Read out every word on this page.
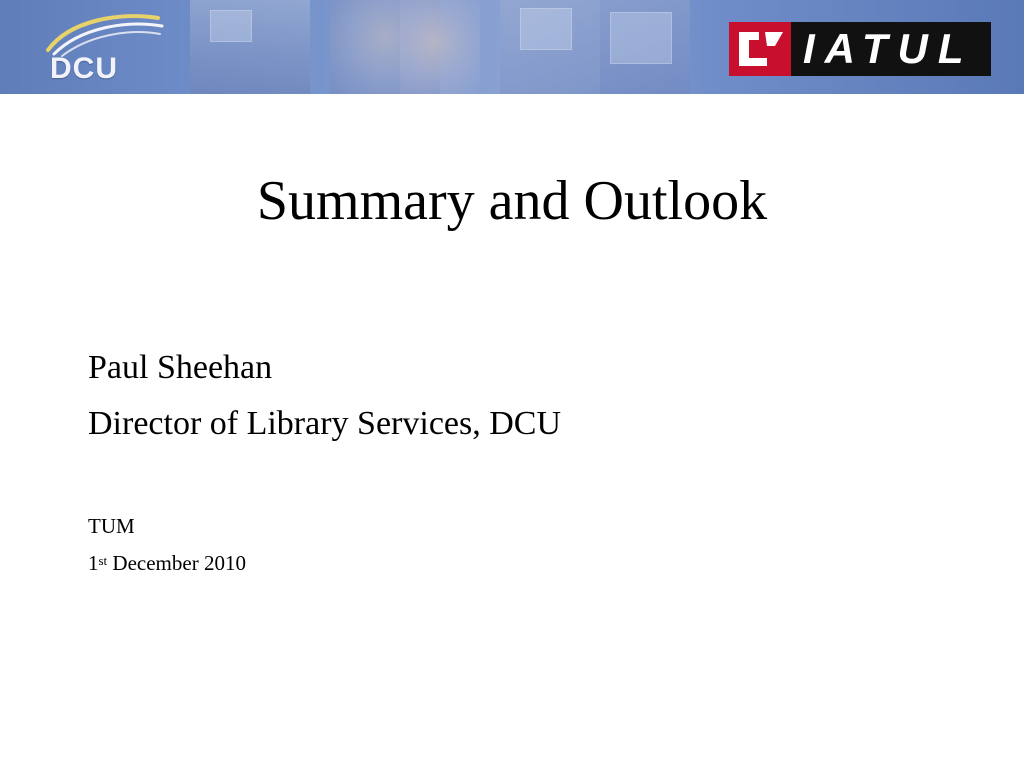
DCU	IATUL
Summary and Outlook
Paul Sheehan
Director of Library Services, DCU
TUM
1st December 2010
